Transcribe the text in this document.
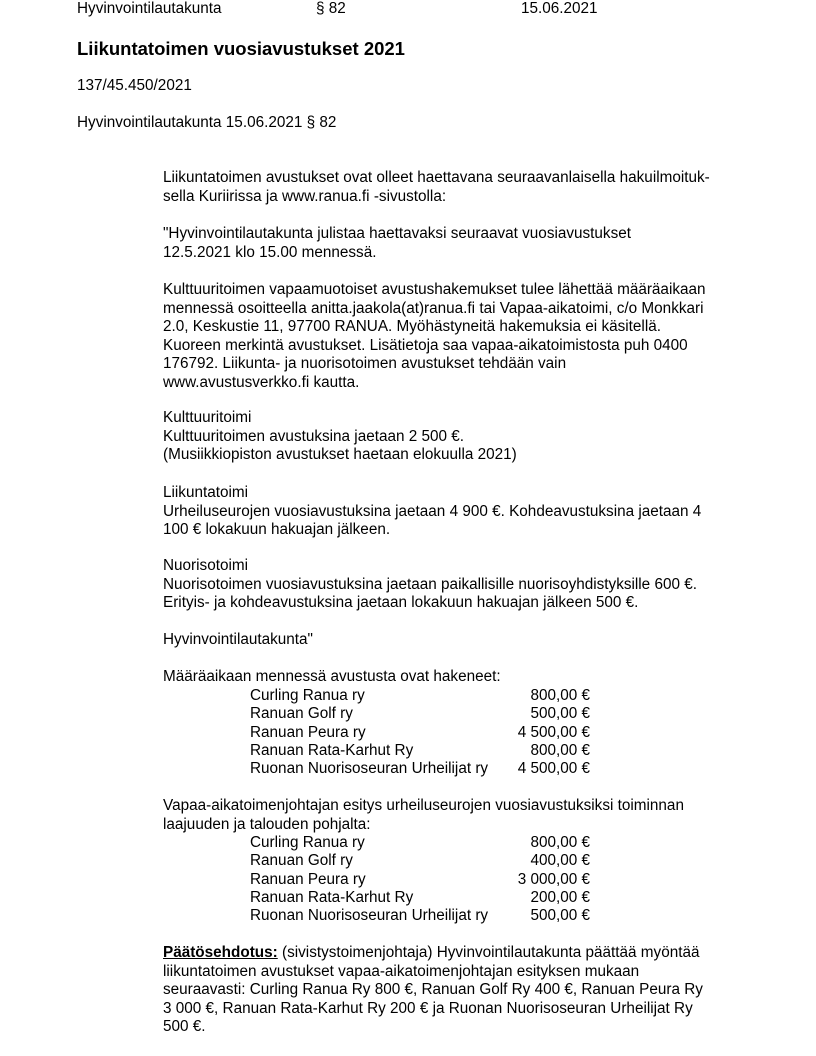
Hyvinvointilautakunta	§ 82	15.06.2021
Liikuntatoimen vuosiavustukset 2021
137/45.450/2021
Hyvinvointilautakunta 15.06.2021 § 82
Liikuntatoimen avustukset ovat olleet haettavana seuraavanlaisella hakuilmoituk-
sella Kuriirissa ja www.ranua.fi -sivustolla:
"Hyvinvointilautakunta julistaa haettavaksi seuraavat vuosiavustukset
12.5.2021 klo 15.00 mennessä.
Kulttuuritoimen vapaamuotoiset avustushakemukset tulee lähettää määräaikaan
mennessä osoitteella anitta.jaakola(at)ranua.fi tai Vapaa-aikatoimi, c/o Monkkari
2.0, Keskustie 11, 97700 RANUA. Myöhästyneitä hakemuksia ei käsitellä.
Kuoreen merkintä avustukset. Lisätietoja saa vapaa-aikatoimistosta puh 0400
176792. Liikunta- ja nuorisotoimen avustukset tehdään vain
www.avustusverkko.fi kautta.
Kulttuuritoimi
Kulttuuritoimen avustuksina jaetaan 2 500 €.
(Musiikkiopiston avustukset haetaan elokuulla 2021)
Liikuntatoimi
Urheiluseurojen vuosiavustuksina jaetaan 4 900 €. Kohdeavustuksina jaetaan 4
100 € lokakuun hakuajan jälkeen.
Nuorisotoimi
Nuorisotoimen vuosiavustuksina jaetaan paikallisille nuorisoyhdistyksille 600 €.
Erityis- ja kohdeavustuksina jaetaan lokakuun hakuajan jälkeen 500 €.
Hyvinvointilautakunta"
Määräaikaan mennessä avustusta ovat hakeneet:
Curling Ranua ry	800,00 €
Ranuan Golf ry	500,00 €
Ranuan Peura ry	4 500,00 €
Ranuan Rata-Karhut Ry	800,00 €
Ruonan Nuorisoseuran Urheilijat ry 4 500,00 €
Vapaa-aikatoimenjohtajan esitys urheiluseurojen vuosiavustuksiksi toiminnan
laajuuden ja talouden pohjalta:
Curling Ranua ry	800,00 €
Ranuan Golf ry	400,00 €
Ranuan Peura ry	3 000,00 €
Ranuan Rata-Karhut Ry	200,00 €
Ruonan Nuorisoseuran Urheilijat ry	500,00 €
Päätösehdotus: (sivistystoimenjohtaja) Hyvinvointilautakunta päättää myöntää
liikuntatoimen avustukset vapaa-aikatoimenjohtajan esityksen mukaan
seuraavasti: Curling Ranua Ry 800 €, Ranuan Golf Ry 400 €, Ranuan Peura Ry
3 000 €, Ranuan Rata-Karhut Ry 200 € ja Ruonan Nuorisoseuran Urheilijat Ry
500 €.
